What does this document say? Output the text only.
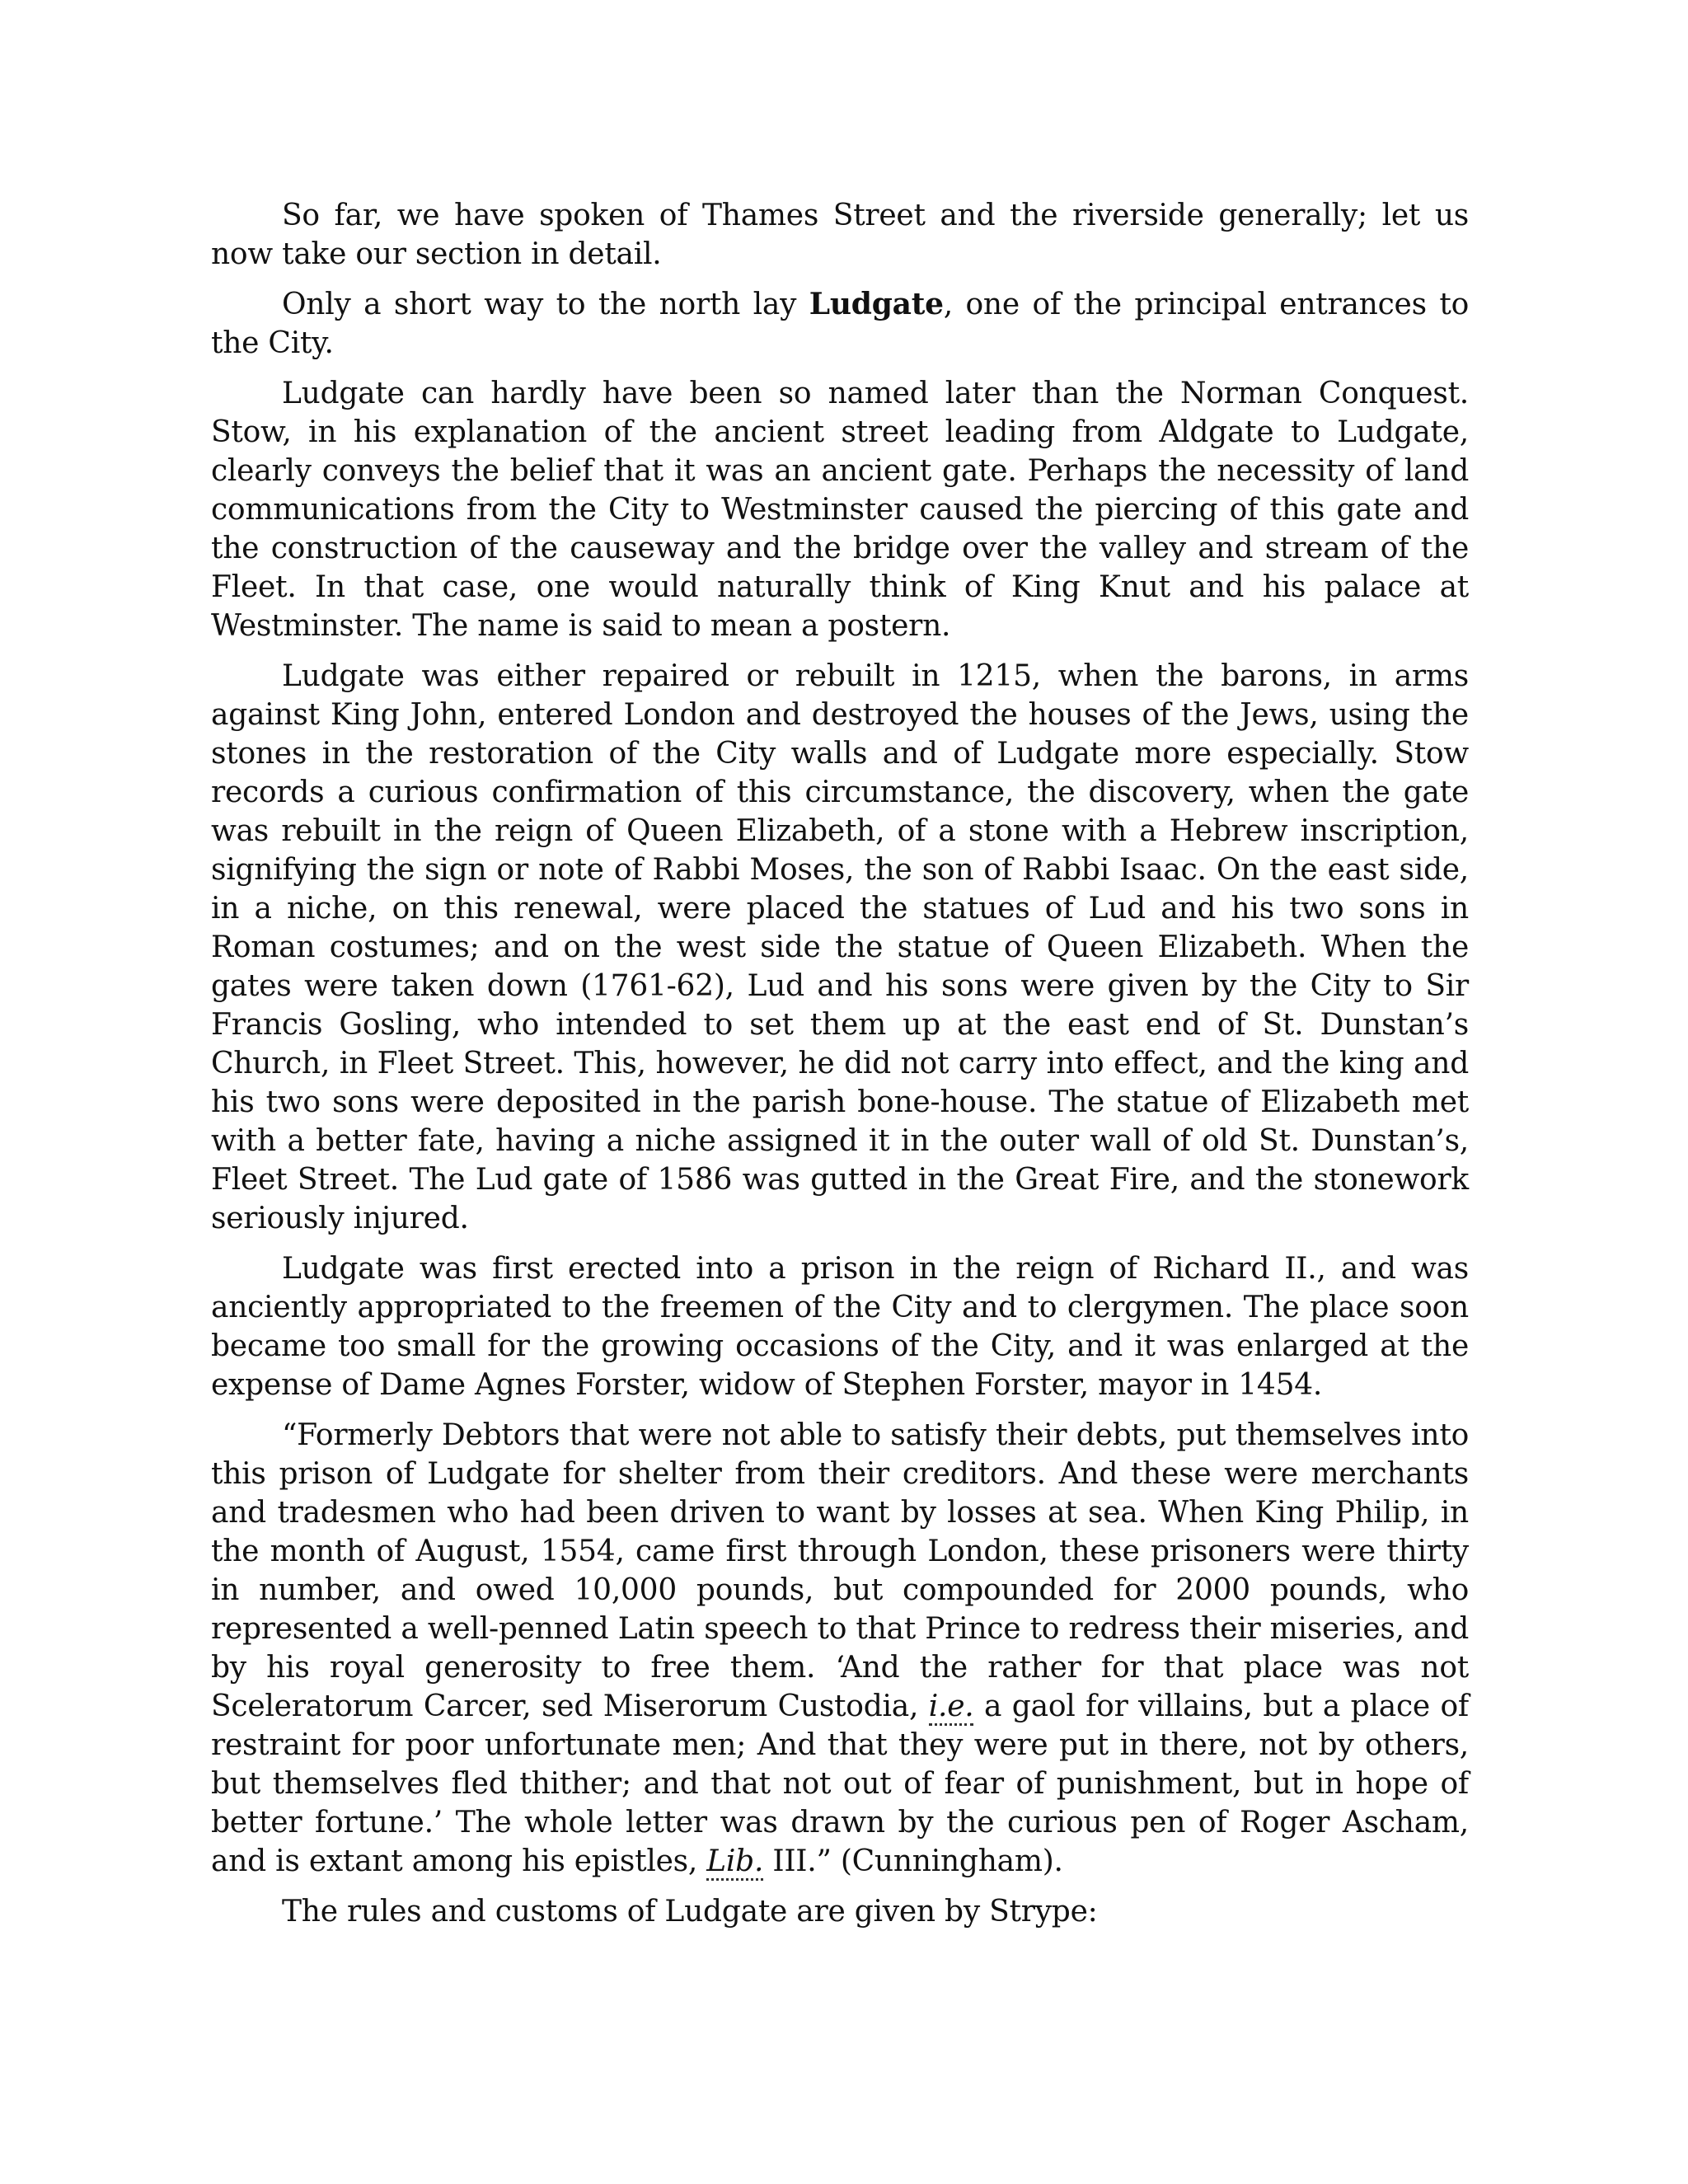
So far, we have spoken of Thames Street and the riverside generally; let us now take our section in detail.

Only a short way to the north lay Ludgate, one of the principal entrances to the City.

Ludgate can hardly have been so named later than the Norman Conquest. Stow, in his explanation of the ancient street leading from Aldgate to Ludgate, clearly conveys the belief that it was an ancient gate. Perhaps the necessity of land communications from the City to Westminster caused the piercing of this gate and the construction of the causeway and the bridge over the valley and stream of the Fleet. In that case, one would naturally think of King Knut and his palace at Westminster. The name is said to mean a postern.

Ludgate was either repaired or rebuilt in 1215, when the barons, in arms against King John, entered London and destroyed the houses of the Jews, using the stones in the restoration of the City walls and of Ludgate more especially. Stow records a curious confirmation of this circumstance, the discovery, when the gate was rebuilt in the reign of Queen Elizabeth, of a stone with a Hebrew inscription, signifying the sign or note of Rabbi Moses, the son of Rabbi Isaac. On the east side, in a niche, on this renewal, were placed the statues of Lud and his two sons in Roman costumes; and on the west side the statue of Queen Elizabeth. When the gates were taken down (1761-62), Lud and his sons were given by the City to Sir Francis Gosling, who intended to set them up at the east end of St. Dunstan’s Church, in Fleet Street. This, however, he did not carry into effect, and the king and his two sons were deposited in the parish bone-house. The statue of Elizabeth met with a better fate, having a niche assigned it in the outer wall of old St. Dunstan’s, Fleet Street. The Lud gate of 1586 was gutted in the Great Fire, and the stonework seriously injured.

Ludgate was first erected into a prison in the reign of Richard II., and was anciently appropriated to the freemen of the City and to clergymen. The place soon became too small for the growing occasions of the City, and it was enlarged at the expense of Dame Agnes Forster, widow of Stephen Forster, mayor in 1454.

“Formerly Debtors that were not able to satisfy their debts, put themselves into this prison of Ludgate for shelter from their creditors. And these were merchants and tradesmen who had been driven to want by losses at sea. When King Philip, in the month of August, 1554, came first through London, these prisoners were thirty in number, and owed 10,000 pounds, but compounded for 2000 pounds, who represented a well-penned Latin speech to that Prince to redress their miseries, and by his royal generosity to free them. ‘And the rather for that place was not Sceleratorum Carcer, sed Miserorum Custodia, i.e. a gaol for villains, but a place of restraint for poor unfortunate men; And that they were put in there, not by others, but themselves fled thither; and that not out of fear of punishment, but in hope of better fortune.’ The whole letter was drawn by the curious pen of Roger Ascham, and is extant among his epistles, Lib. III.” (Cunningham).

The rules and customs of Ludgate are given by Strype:
